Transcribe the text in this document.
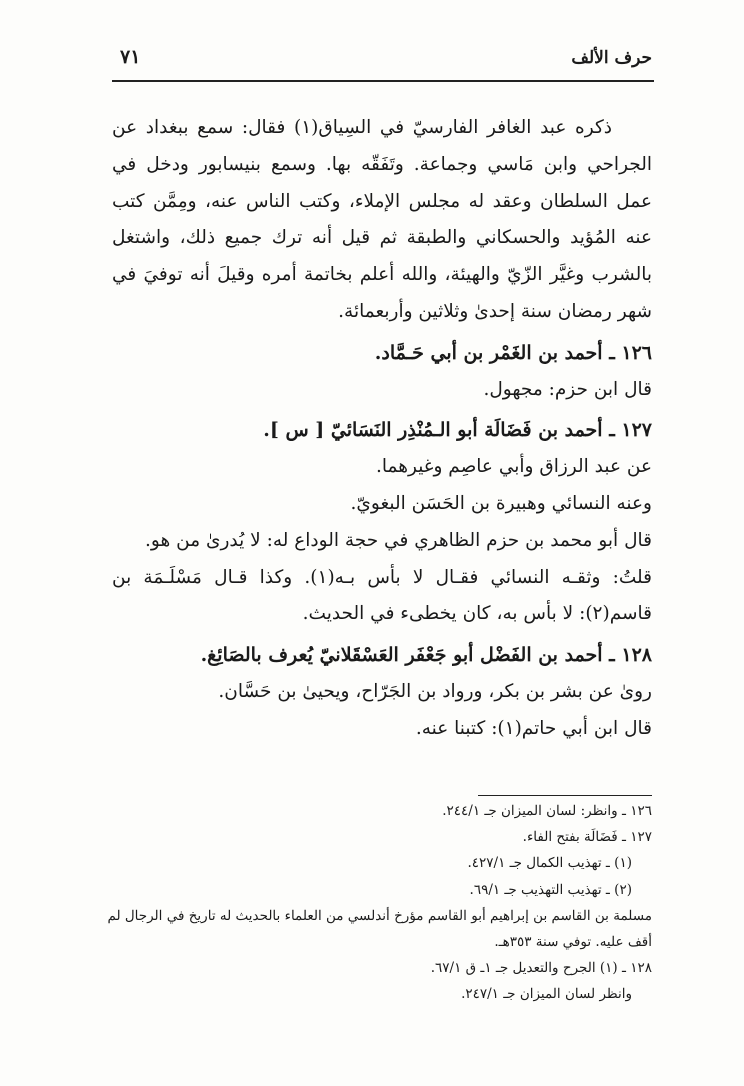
حرف الألف
٧١

ذكره عبد الغافر الفارسيّ في السِياق(١) فقال: سمع ببغداد عن الجراحي وابن مَاسي وجماعة. وتَفَقّه بها. وسمع بنيسابور ودخل في عمل السلطان وعقد له مجلس الإملاء، وكتب الناس عنه، ومِمَّن كتب عنه المُؤيد والحسكاني والطبقة ثم قيل أنه ترك جميع ذلك، واشتغل بالشرب وغيَّر الزّيّ والهيئة، والله أعلم بخاتمة أمره وقيلَ أنه توفيَ في شهر رمضان سنة إحدىٰ وثلاثين وأربعمائة.

١٢٦ ـ أحمد بن الغَمْر بن أبي حَـمَّاد.

قال ابن حزم: مجهول.

١٢٧ ـ أحمد بن فَضَالَة أبو الـمُنْذِر النَسَائيّ [ س ].

عن عبد الرزاق وأبي عاصِم وغيرهما.

وعنه النسائي وهبيرة بن الحَسَن البغويّ.

قال أبو محمد بن حزم الظاهري في حجة الوداع له: لا يُدرىٰ من هو.

قلتُ: وثقـه النسائي فقـال لا بأس بـه(١). وكذا قـال مَسْلَـمَة بن قاسم(٢): لا بأس به، كان يخطىء في الحديث.

١٢٨ ـ أحمد بن الفَضْل أبو جَعْفَر العَسْقَلانيّ يُعرف بالصَائِغ.

روىٰ عن بشر بن بكر، ورواد بن الجَرّاح، ويحيىٰ بن حَسَّان.

قال ابن أبي حاتم(١): كتبنا عنه.

١٢٦ ـ وانظر: لسان الميزان جـ ٢٤٤/١.

١٢٧ ـ فَضَالَة بفتح الفاء.

(١) ـ تهذيب الكمال جـ ٤٢٧/١.

(٢) ـ تهذيب التهذيب جـ ٦٩/١.

مسلمة بن القاسم بن إبراهيم أبو القاسم مؤرخ أندلسي من العلماء بالحديث له تاريخ في الرجال لم أقف عليه. توفي سنة ٣٥٣هـ.

١٢٨ ـ (١) الجرح والتعديل جـ ١ـ ق ٦٧/١.

وانظر لسان الميزان جـ ٢٤٧/١.
